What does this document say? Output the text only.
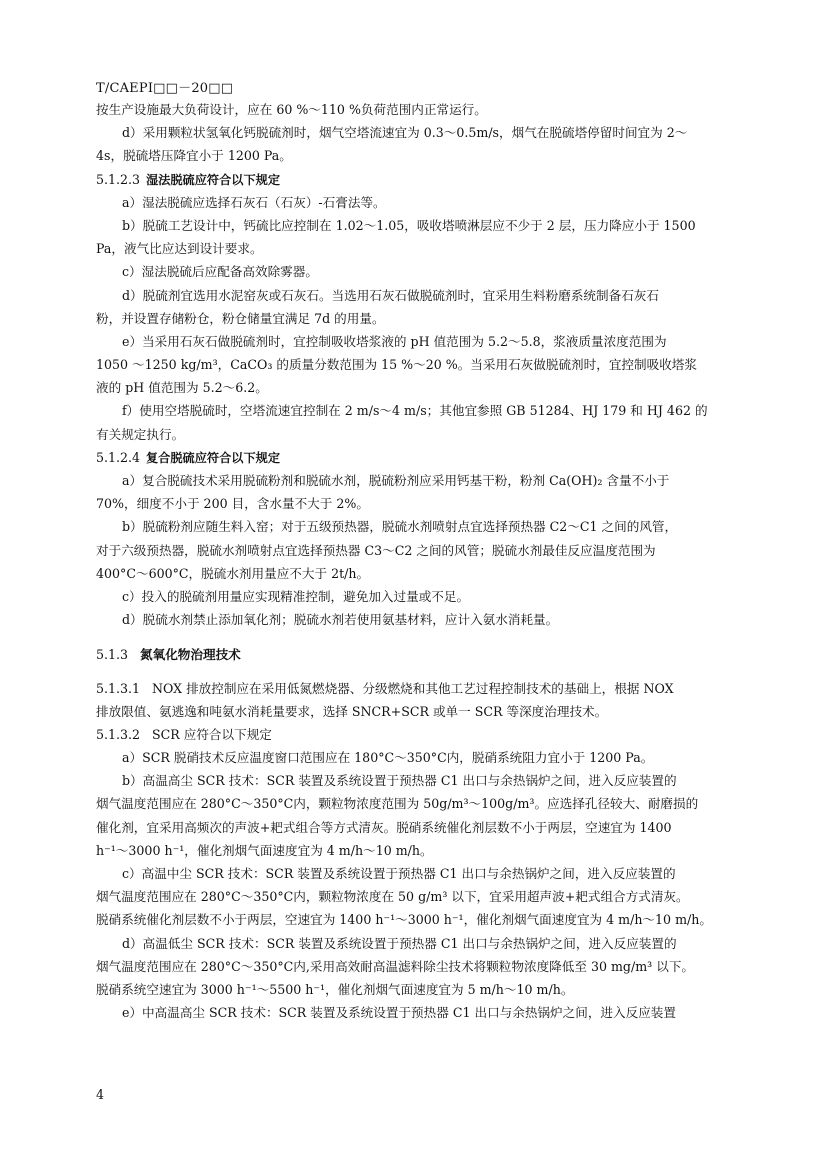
T/CAEPI□□－20□□
按生产设施最大负荷设计，应在 60 %～110 %负荷范围内正常运行。
d）采用颗粒状氢氧化钙脱硫剂时，烟气空塔流速宜为 0.3～0.5m/s，烟气在脱硫塔停留时间宜为 2～
4s，脱硫塔压降宜小于 1200 Pa。
5.1.2.3 湿法脱硫应符合以下规定
a）湿法脱硫应选择石灰石（石灰）-石膏法等。
b）脱硫工艺设计中，钙硫比应控制在 1.02～1.05，吸收塔喷淋层应不少于 2 层，压力降应小于 1500
Pa，液气比应达到设计要求。
c）湿法脱硫后应配备高效除雾器。
d）脱硫剂宜选用水泥窑灰或石灰石。当选用石灰石做脱硫剂时，宜采用生料粉磨系统制备石灰石
粉，并设置存储粉仓，粉仓储量宜满足 7d 的用量。
e）当采用石灰石做脱硫剂时，宜控制吸收塔浆液的 pH 值范围为 5.2～5.8，浆液质量浓度范围为
1050 ～1250 kg/m³，CaCO₃ 的质量分数范围为 15 %～20 %。当采用石灰做脱硫剂时，宜控制吸收塔浆
液的 pH 值范围为 5.2～6.2。
f）使用空塔脱硫时，空塔流速宜控制在 2 m/s～4 m/s；其他宜参照 GB 51284、HJ 179 和 HJ 462 的
有关规定执行。
5.1.2.4 复合脱硫应符合以下规定
a）复合脱硫技术采用脱硫粉剂和脱硫水剂，脱硫粉剂应采用钙基干粉，粉剂 Ca(OH)₂ 含量不小于
70%，细度不小于 200 目，含水量不大于 2%。
b）脱硫粉剂应随生料入窑；对于五级预热器，脱硫水剂喷射点宜选择预热器 C2～C1 之间的风管，
对于六级预热器，脱硫水剂喷射点宜选择预热器 C3～C2 之间的风管；脱硫水剂最佳反应温度范围为
400°C～600°C，脱硫水剂用量应不大于 2t/h。
c）投入的脱硫剂用量应实现精准控制，避免加入过量或不足。
d）脱硫水剂禁止添加氧化剂；脱硫水剂若使用氨基材料，应计入氨水消耗量。
5.1.3 氮氧化物治理技术
5.1.3.1 NOX 排放控制应在采用低氮燃烧器、分级燃烧和其他工艺过程控制技术的基础上，根据 NOX
排放限值、氨逃逸和吨氨水消耗量要求，选择 SNCR+SCR 或单一 SCR 等深度治理技术。
5.1.3.2 SCR 应符合以下规定
a）SCR 脱硝技术反应温度窗口范围应在 180°C～350°C内，脱硝系统阻力宜小于 1200 Pa。
b）高温高尘 SCR 技术：SCR 装置及系统设置于预热器 C1 出口与余热锅炉之间，进入反应装置的
烟气温度范围应在 280°C～350°C内，颗粒物浓度范围为 50g/m³～100g/m³。应选择孔径较大、耐磨损的
催化剂，宜采用高频次的声波+耙式组合等方式清灰。脱硝系统催化剂层数不小于两层，空速宜为 1400
h⁻¹～3000 h⁻¹，催化剂烟气面速度宜为 4 m/h～10 m/h。
c）高温中尘 SCR 技术：SCR 装置及系统设置于预热器 C1 出口与余热锅炉之间，进入反应装置的
烟气温度范围应在 280°C～350°C内，颗粒物浓度在 50 g/m³ 以下，宜采用超声波+耙式组合方式清灰。
脱硝系统催化剂层数不小于两层，空速宜为 1400 h⁻¹～3000 h⁻¹，催化剂烟气面速度宜为 4 m/h～10 m/h。
d）高温低尘 SCR 技术：SCR 装置及系统设置于预热器 C1 出口与余热锅炉之间，进入反应装置的
烟气温度范围应在 280°C～350°C内,采用高效耐高温滤料除尘技术将颗粒物浓度降低至 30 mg/m³ 以下。
脱硝系统空速宜为 3000 h⁻¹～5500 h⁻¹，催化剂烟气面速度宜为 5 m/h～10 m/h。
e）中高温高尘 SCR 技术：SCR 装置及系统设置于预热器 C1 出口与余热锅炉之间，进入反应装置
4
